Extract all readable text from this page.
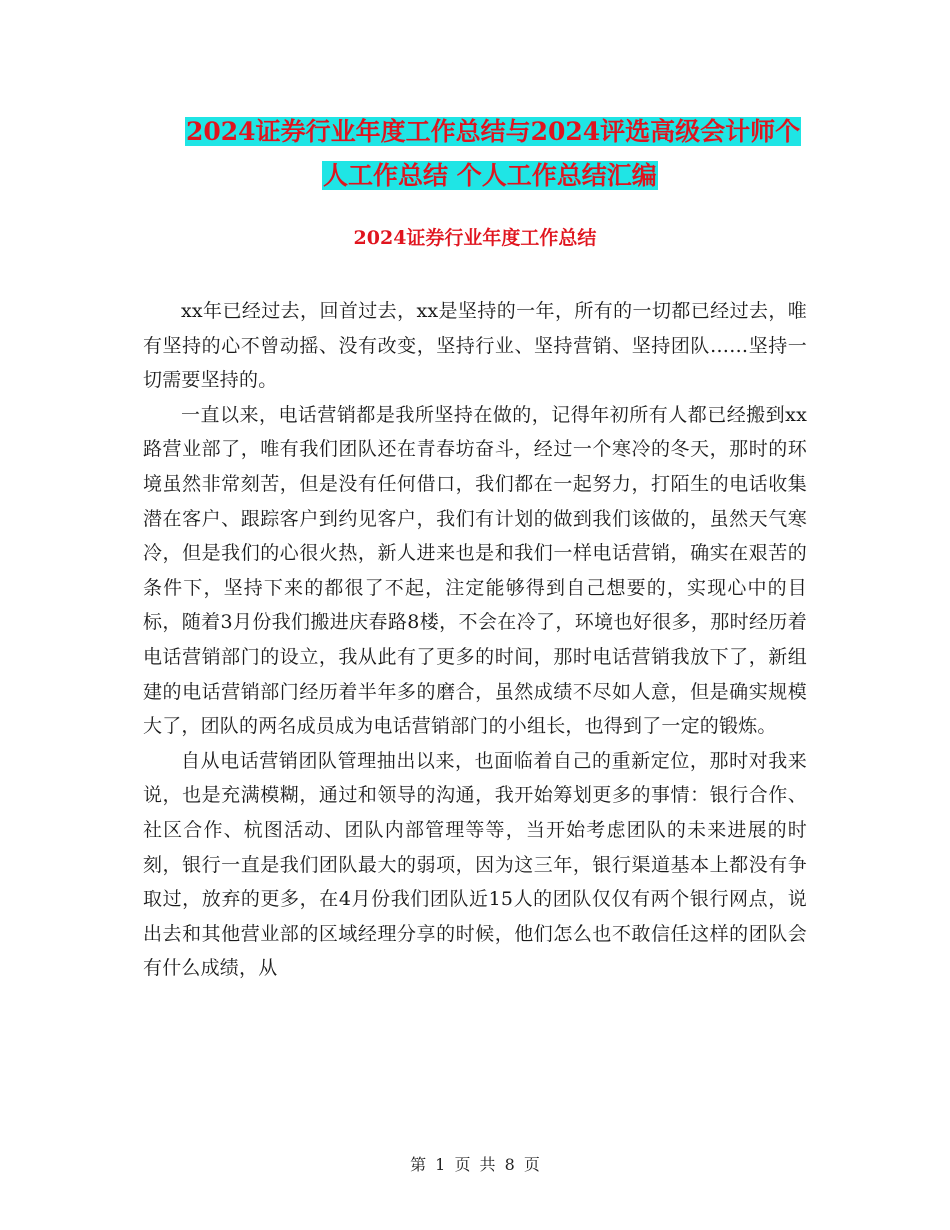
2024证券行业年度工作总结与2024评选高级会计师个
人工作总结 个人工作总结汇编
2024证券行业年度工作总结

xx年已经过去，回首过去，xx是坚持的一年，所有的一切都已经过去，唯有坚持的心不曾动摇、没有改变，坚持行业、坚持营销、坚持团队……坚持一切需要坚持的。

一直以来，电话营销都是我所坚持在做的，记得年初所有人都已经搬到xx路营业部了，唯有我们团队还在青春坊奋斗，经过一个寒冷的冬天，那时的环境虽然非常刻苦，但是没有任何借口，我们都在一起努力，打陌生的电话收集潜在客户、跟踪客户到约见客户，我们有计划的做到我们该做的，虽然天气寒冷，但是我们的心很火热，新人进来也是和我们一样电话营销，确实在艰苦的条件下，坚持下来的都很了不起，注定能够得到自己想要的，实现心中的目标，随着3月份我们搬进庆春路8楼，不会在冷了，环境也好很多，那时经历着电话营销部门的设立，我从此有了更多的时间，那时电话营销我放下了，新组建的电话营销部门经历着半年多的磨合，虽然成绩不尽如人意，但是确实规模大了，团队的两名成员成为电话营销部门的小组长，也得到了一定的锻炼。

自从电话营销团队管理抽出以来，也面临着自己的重新定位，那时对我来说，也是充满模糊，通过和领导的沟通，我开始筹划更多的事情：银行合作、社区合作、杭图活动、团队内部管理等等，当开始考虑团队的未来进展的时刻，银行一直是我们团队最大的弱项，因为这三年，银行渠道基本上都没有争取过，放弃的更多，在4月份我们团队近15人的团队仅仅有两个银行网点，说出去和其他营业部的区域经理分享的时候，他们怎么也不敢信任这样的团队会有什么成绩，从

第 1 页 共 8 页
